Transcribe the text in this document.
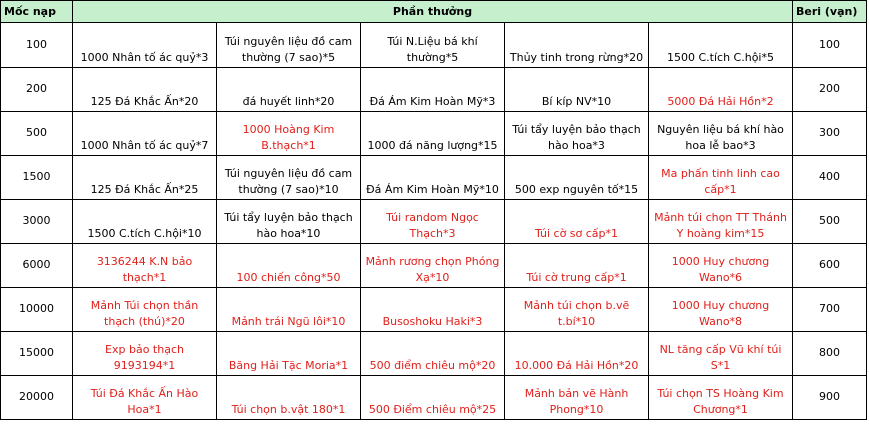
Mốc nạp	Phần thưởng					Beri (vạn)
100	1000 Nhân tố ác quỷ*3	Túi nguyên liệu đồ cam thường (7 sao)*5	Túi N.Liệu bá khí thường*5	Thủy tinh trong rừng*20	1500 C.tích C.hội*5	100
200	125 Đá Khắc Ấn*20	đá huyết linh*20	Đá Ám Kim Hoàn Mỹ*3	Bí kíp NV*10	5000 Đá Hải Hồn*2	200
500	1000 Nhân tố ác quỷ*7	1000 Hoàng Kim B.thạch*1	1000 đá năng lượng*15	Túi tẩy luyện bảo thạch hào hoa*3	Nguyên liệu bá khí hào hoa lễ bao*3	300
1500	125 Đá Khắc Ấn*25	Túi nguyên liệu đồ cam thường (7 sao)*10	Đá Ám Kim Hoàn Mỹ*10	500 exp nguyên tố*15	Ma phấn tinh linh cao cấp*1	400
3000	1500 C.tích C.hội*10	Túi tẩy luyện bảo thạch hào hoa*10	Túi random Ngọc Thạch*3	Túi cờ sơ cấp*1	Mảnh túi chọn TT Thánh Y hoàng kim*15	500
6000	3136244 K.N bảo thạch*1	100 chiến công*50	Mảnh rương chọn Phóng Xạ*10	Túi cờ trung cấp*1	1000 Huy chương Wano*6	600
10000	Mảnh Túi chọn thần thạch (thú)*20	Mảnh trái Ngũ lôi*10	Busoshoku Haki*3	Mảnh túi chọn b.vẽ t.bí*10	1000 Huy chương Wano*8	700
15000	Exp bảo thạch 9193194*1	Băng Hải Tặc Moria*1	500 điểm chiêu mộ*20	10.000 Đá Hải Hồn*20	NL tăng cấp Vũ khí túi S*1	800
20000	Túi Đá Khắc Ấn Hào Hoa*1	Túi chọn b.vật 180*1	500 Điểm chiêu mộ*25	Mảnh bản vẽ Hành Phong*10	Túi chọn TS Hoàng Kim Chương*1	900
